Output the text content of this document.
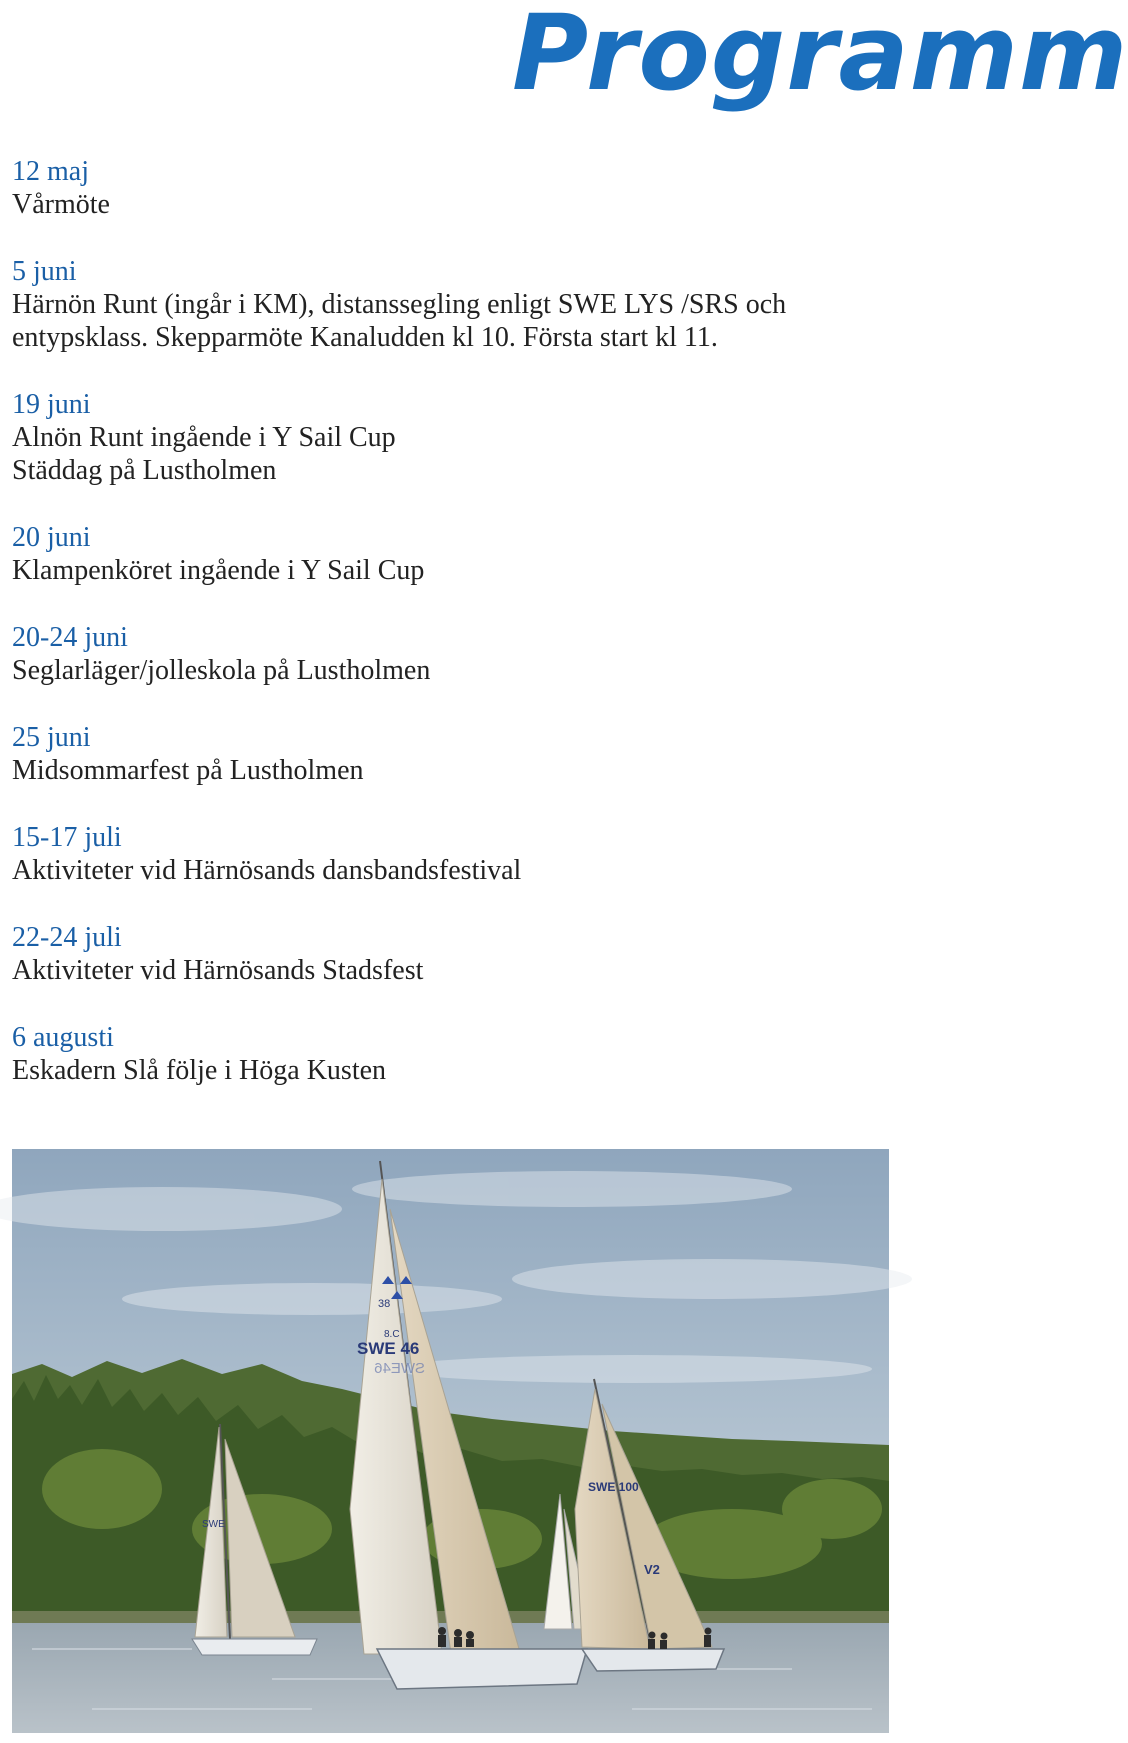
Programm
12 maj
Vårmöte
5 juni
Härnön Runt (ingår i KM), distanssegling enligt SWE LYS /SRS och
entypsklass. Skepparmöte Kanaludden kl 10. Första start kl 11.
19 juni
Alnön Runt ingående i Y Sail Cup
Städdag på Lustholmen
20 juni
Klampenköret ingående i Y Sail Cup
20-24 juni
Seglarläger/jolleskola på Lustholmen
25 juni
Midsommarfest på Lustholmen
15-17 juli
Aktiviteter vid Härnösands dansbandsfestival
22-24 juli
Aktiviteter vid Härnösands Stadsfest
6 augusti
Eskadern Slå följe i Höga Kusten
SWE
38
8.C
SWE 46
SWE46
SWE 100
V2
